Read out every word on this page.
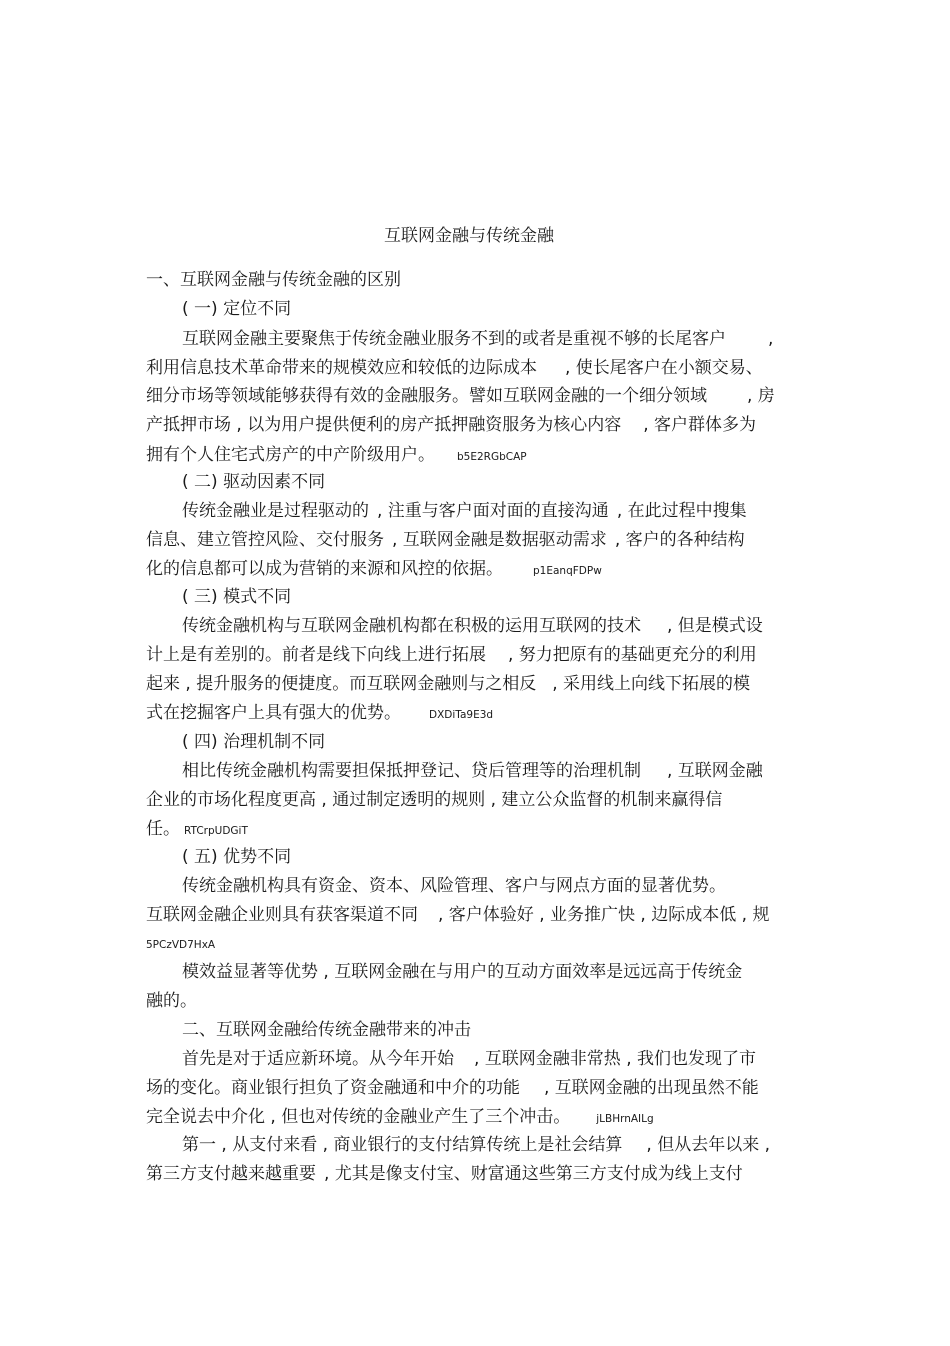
互联网金融与传统金融
一、互联网金融与传统金融的区别
( 一) 定位不同
互联网金融主要聚焦于传统金融业服务不到的或者是重视不够的长尾客户 ,
利用信息技术革命带来的规模效应和较低的边际成本 , 使长尾客户在小额交易、
细分市场等领域能够获得有效的金融服务。譬如互联网金融的一个细分领域 , 房
产抵押市场 , 以为用户提供便利的房产抵押融资服务为核心内容 , 客户群体多为
拥有个人住宅式房产的中产阶级用户。 b5E2RGbCAP
( 二) 驱动因素不同
传统金融业是过程驱动的 , 注重与客户面对面的直接沟通 , 在此过程中搜集
信息、建立管控风险、交付服务 , 互联网金融是数据驱动需求 , 客户的各种结构
化的信息都可以成为营销的来源和风控的依据。	p1EanqFDPw
( 三) 模式不同
传统金融机构与互联网金融机构都在积极的运用互联网的技术 , 但是模式设
计上是有差别的。前者是线下向线上进行拓展 , 努力把原有的基础更充分的利用
起来 , 提升服务的便捷度。而互联网金融则与之相反 , 采用线上向线下拓展的模
式在挖掘客户上具有强大的优势。	DXDiTa9E3d
( 四) 治理机制不同
相比传统金融机构需要担保抵押登记、贷后管理等的治理机制 , 互联网金融
企业的市场化程度更高 , 通过制定透明的规则 , 建立公众监督的机制来赢得信
任。 RTCrpUDGiT
( 五) 优势不同
传统金融机构具有资金、资本、风险管理、客户与网点方面的显著优势。
互联网金融企业则具有获客渠道不同 , 客户体验好 , 业务推广快 , 边际成本低 , 规
5PCzVD7HxA
模效益显著等优势 , 互联网金融在与用户的互动方面效率是远远高于传统金
融的。
二、互联网金融给传统金融带来的冲击
首先是对于适应新环境。从今年开始 , 互联网金融非常热 , 我们也发现了市
场的变化。商业银行担负了资金融通和中介的功能 , 互联网金融的出现虽然不能
完全说去中介化 , 但也对传统的金融业产生了三个冲击。 jLBHrnAILg
第一 , 从支付来看 , 商业银行的支付结算传统上是社会结算 , 但从去年以来 ,
第三方支付越来越重要 , 尤其是像支付宝、财富通这些第三方支付成为线上支付
